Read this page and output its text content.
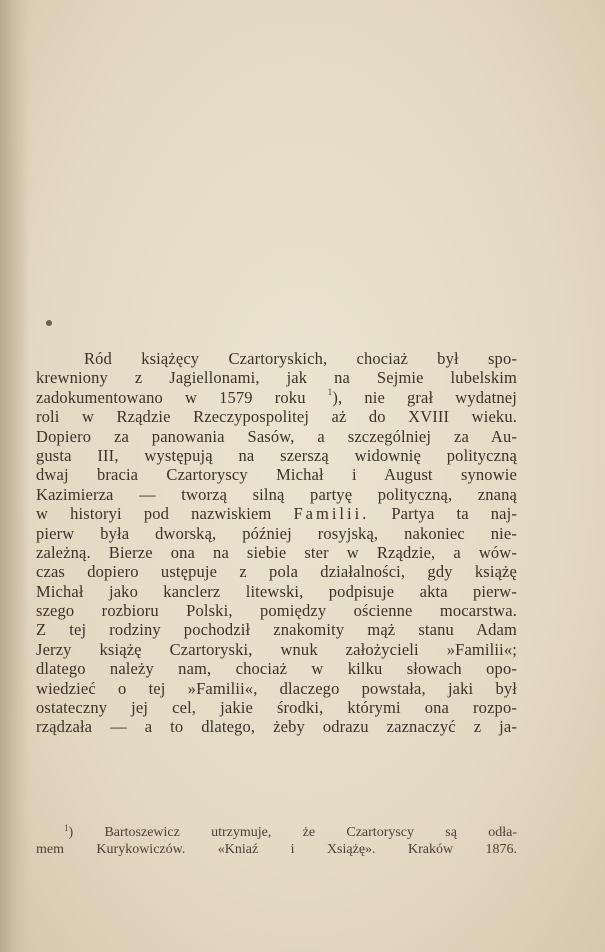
Ród książęcy Czartoryskich, chociaż był spo-
krewniony z Jagiellonami, jak na Sejmie lubelskim
zadokumentowano w 1579 roku $^1$), nie grał wydatnej
roli w Rządzie Rzeczypospolitej aż do XVIII wieku.
Dopiero za panowania Sasów, a szczególniej za Au-
gusta III, występują na szerszą widownię polityczną
dwaj bracia Czartoryscy Michał i August synowie
Kazimierza — tworzą silną partyę polityczną, znaną
w historyi pod nazwiskiem Familii. Partya ta naj-
pierw była dworską, później rosyjską, nakoniec nie-
zależną. Bierze ona na siebie ster w Rządzie, a wów-
czas dopiero ustępuje z pola działalności, gdy książę
Michał jako kanclerz litewski, podpisuje akta pierw-
szego rozbioru Polski, pomiędzy ościenne mocarstwa.
Z tej rodziny pochodził znakomity mąż stanu Adam
Jerzy książę Czartoryski, wnuk założycieli »Familii«;
dlatego należy nam, chociaż w kilku słowach opo-
wiedzieć o tej »Familii«, dlaczego powstała, jaki był
ostateczny jej cel, jakie środki, którymi ona rozpo-
rządzała — a to dlatego, żeby odrazu zaznaczyć z ja-
$^1$) Bartoszewicz utrzymuje, że Czartoryscy są odła-
mem Kurykowiczów. «Kniaź i Xsiążę». Kraków 1876.
